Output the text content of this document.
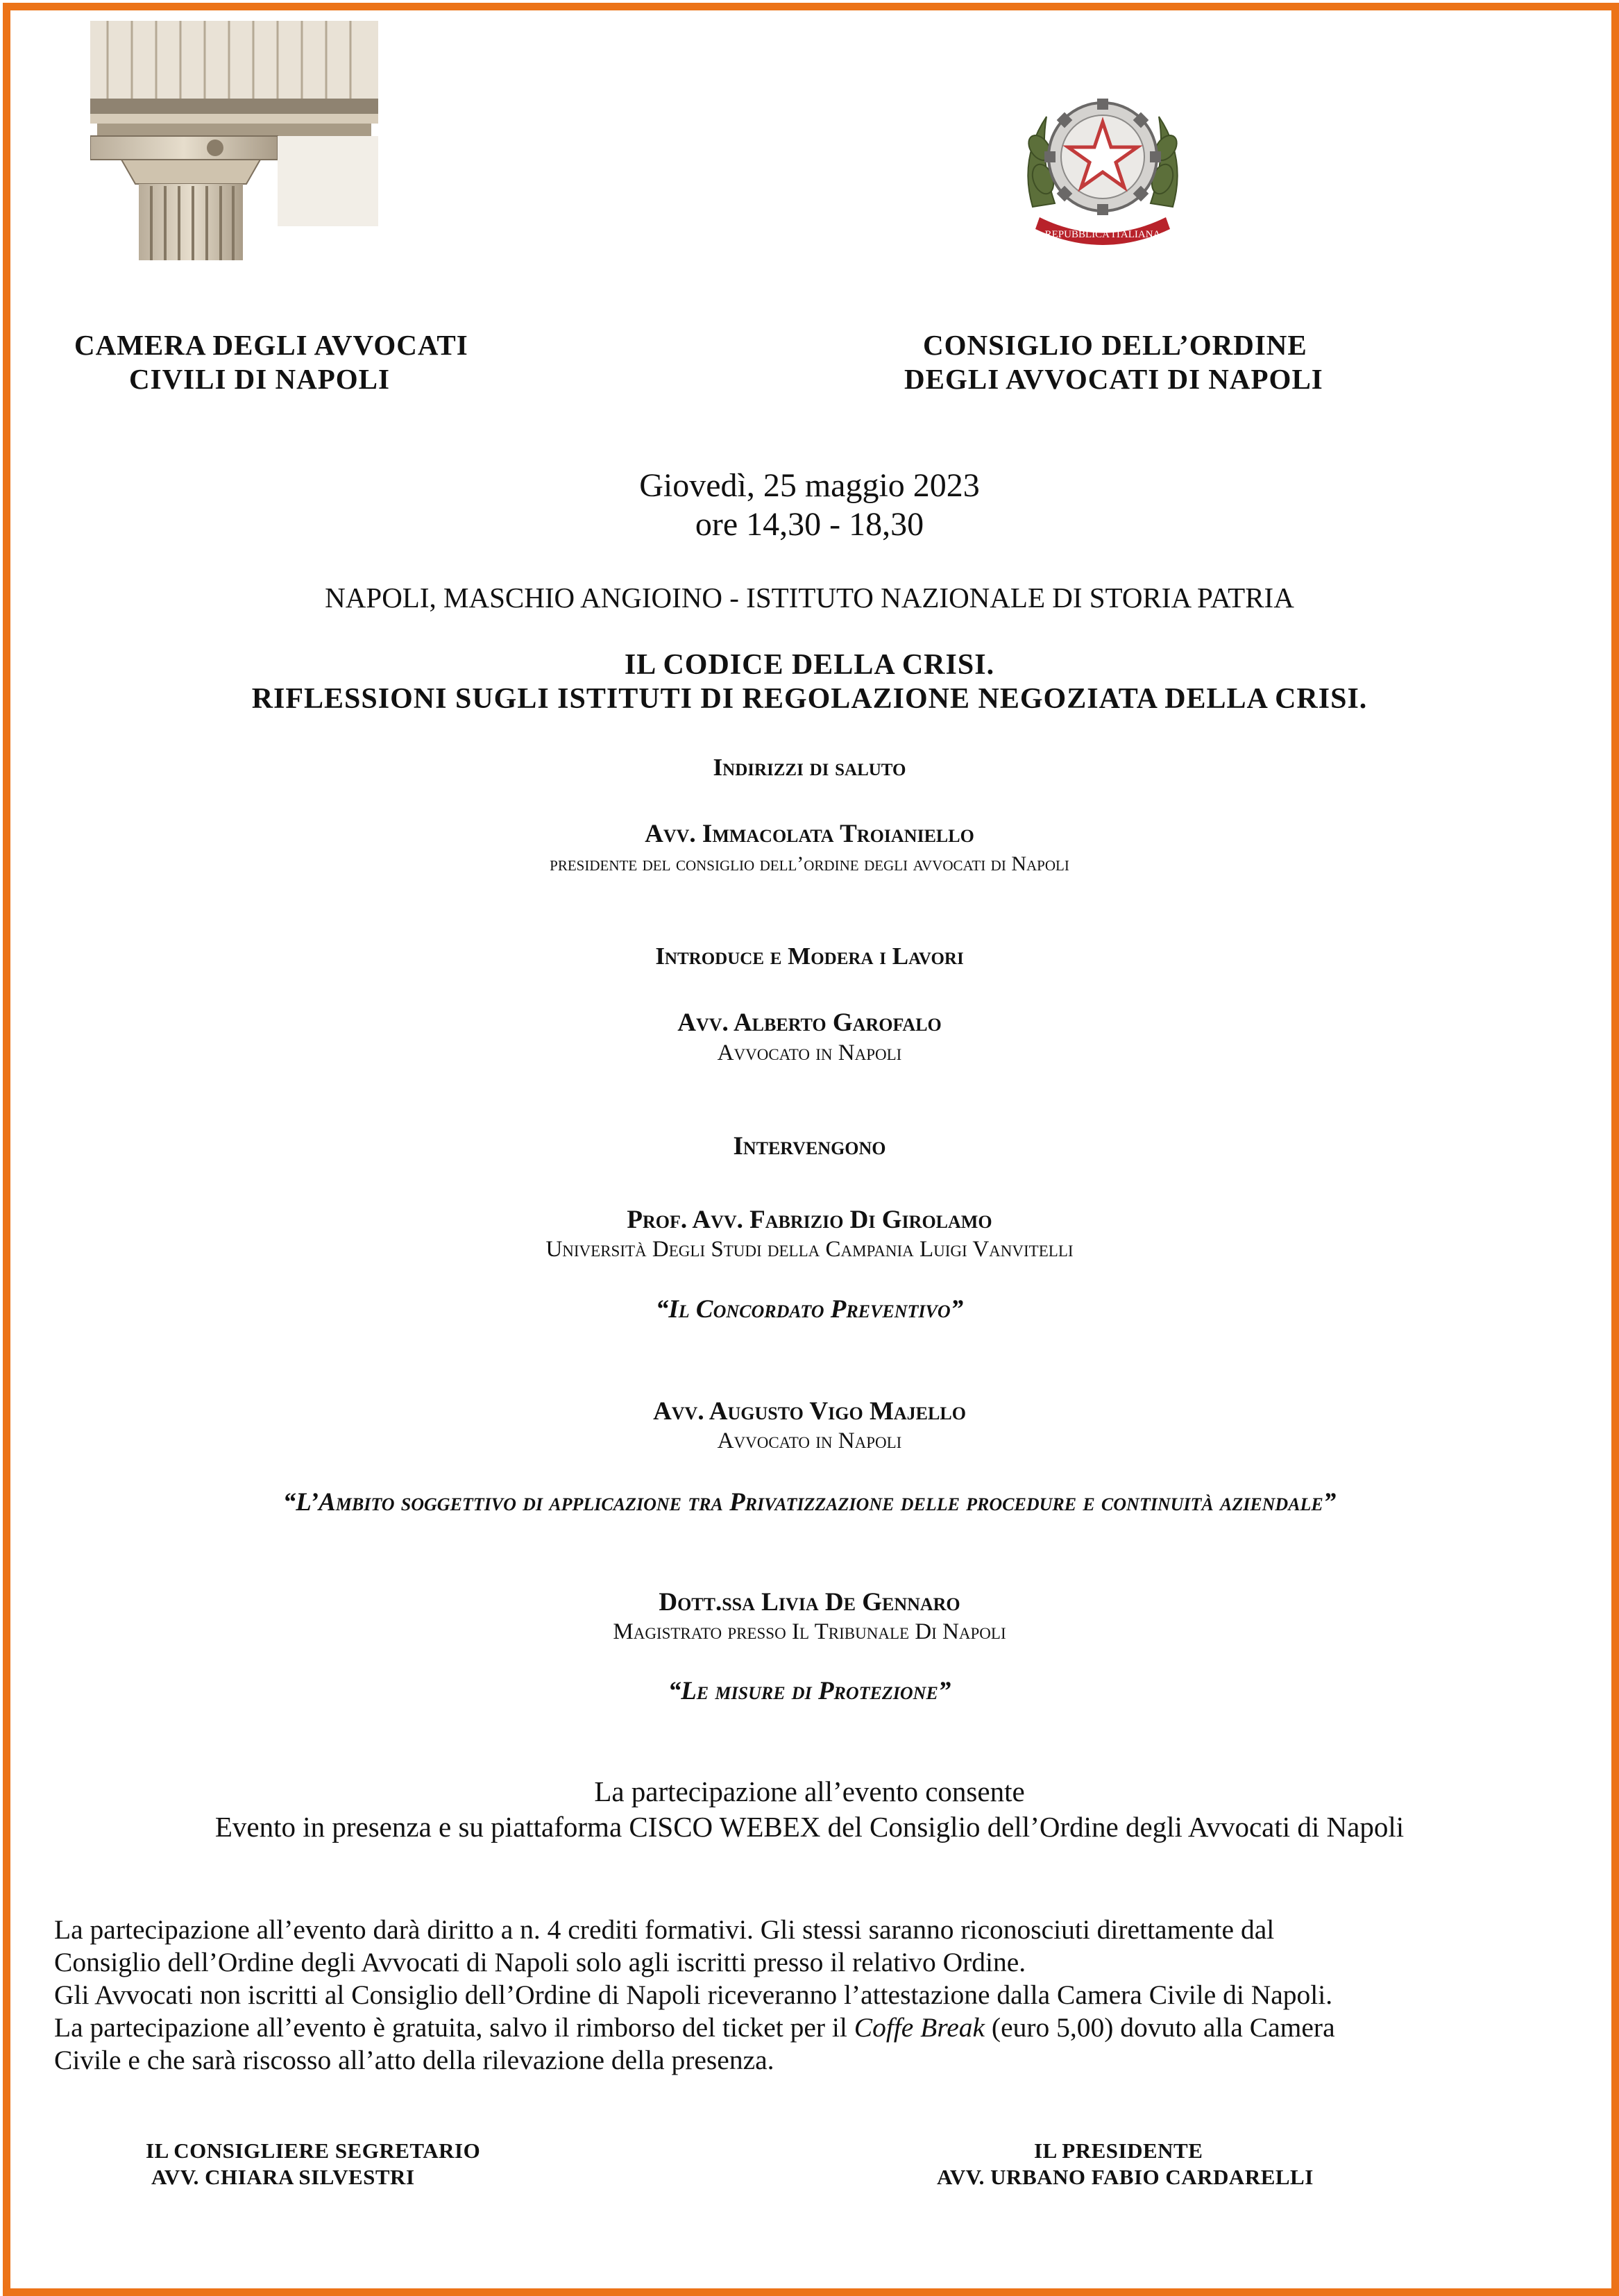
REPUBBLICA ITALIANA
CAMERA DEGLI AVVOCATI
CIVILI DI NAPOLI
CONSIGLIO DELL’ORDINE
DEGLI AVVOCATI DI NAPOLI
Giovedì, 25 maggio 2023
ore 14,30 - 18,30
NAPOLI, MASCHIO ANGIOINO - ISTITUTO NAZIONALE DI STORIA PATRIA
IL CODICE DELLA CRISI.
RIFLESSIONI SUGLI ISTITUTI DI REGOLAZIONE NEGOZIATA DELLA CRISI.
Indirizzi di saluto
Avv. Immacolata Troianiello
presidente del consiglio dell’ordine degli avvocati di Napoli
Introduce e Modera i Lavori
Avv. Alberto Garofalo
Avvocato in Napoli
Intervengono
Prof. Avv. Fabrizio Di Girolamo
Università Degli Studi della Campania Luigi Vanvitelli
“Il Concordato Preventivo”
Avv. Augusto Vigo Majello
Avvocato in Napoli
“L’Ambito soggettivo di applicazione tra Privatizzazione delle procedure e continuità aziendale”
Dott.ssa Livia De Gennaro
Magistrato presso Il Tribunale Di Napoli
“Le misure di Protezione”
La partecipazione all’evento consente
Evento in presenza e su piattaforma CISCO WEBEX del Consiglio dell’Ordine degli Avvocati di Napoli
La partecipazione all’evento darà diritto a n. 4 crediti formativi. Gli stessi saranno riconosciuti direttamente dal
Consiglio dell’Ordine degli Avvocati di Napoli solo agli iscritti presso il relativo Ordine.
Gli Avvocati non iscritti al Consiglio dell’Ordine di Napoli riceveranno l’attestazione dalla Camera Civile di Napoli.
La partecipazione all’evento è gratuita, salvo il rimborso del ticket per il Coffe Break (euro 5,00) dovuto alla Camera
Civile e che sarà riscosso all’atto della rilevazione della presenza.
IL CONSIGLIERE SEGRETARIO
AVV. CHIARA SILVESTRI
IL PRESIDENTE
AVV. URBANO FABIO CARDARELLI
